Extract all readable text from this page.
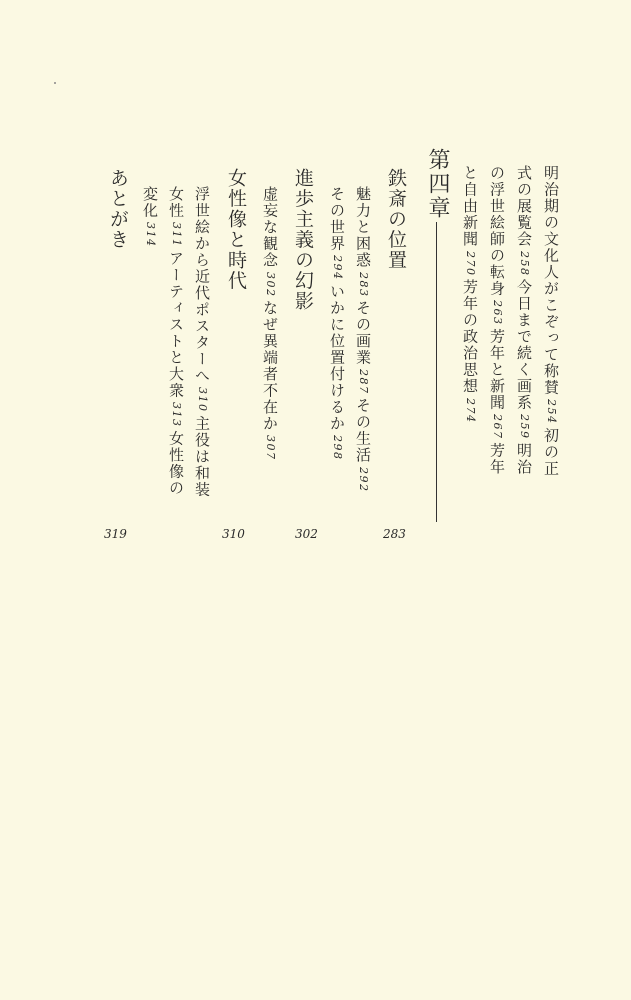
明治期の文化人がこぞって称賛254初の正
式の展覧会258今日まで続く画系259明治
の浮世絵師の転身263芳年と新聞267芳年
と自由新聞270芳年の政治思想274
第四章
283
鉄斎の位置
魅力と困惑283その画業287その生活292
その世界294いかに位置付けるか298
302
進歩主義の幻影
虚妄な観念302なぜ異端者不在か307
310
女性像と時代
浮世絵から近代ポスターへ310主役は和装
女性311アーティストと大衆313女性像の
変化314
あとがき
319
